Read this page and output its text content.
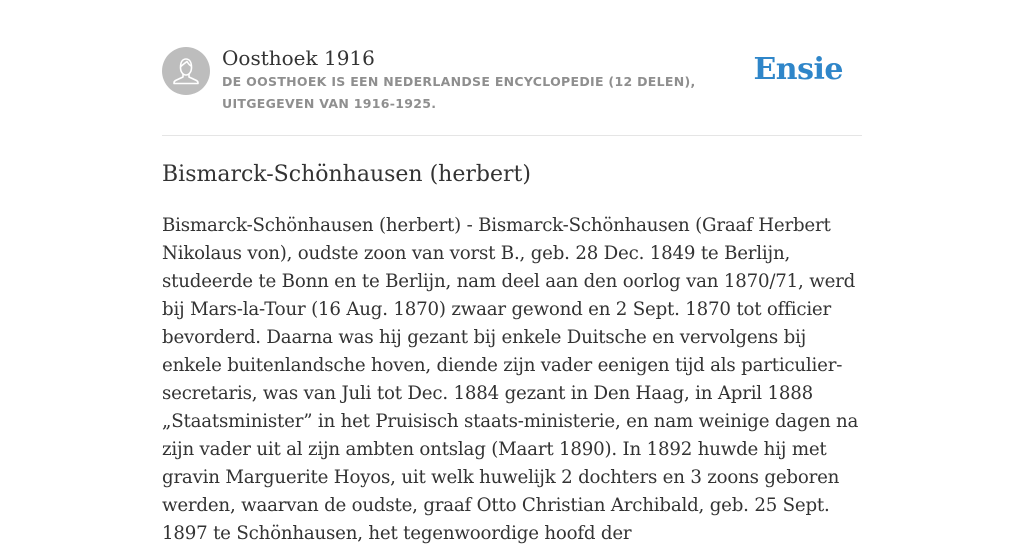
Oosthoek 1916

DE OOSTHOEK IS EEN NEDERLANDSE ENCYCLOPEDIE (12 DELEN), UITGEGEVEN VAN 1916-1925.

Ensie
Bismarck-Schönhausen (herbert)

Bismarck-Schönhausen (herbert) - Bismarck-Schönhausen (Graaf Herbert Nikolaus von), oudste zoon van vorst B., geb. 28 Dec. 1849 te Berlijn, studeerde te Bonn en te Berlijn, nam deel aan den oorlog van 1870/71, werd bij Mars-la-Tour (16 Aug. 1870) zwaar gewond en 2 Sept. 1870 tot officier bevorderd. Daarna was hij gezant bij enkele Duitsche en vervolgens bij enkele buitenlandsche hoven, diende zijn vader eenigen tijd als particulier-secretaris, was van Juli tot Dec. 1884 gezant in Den Haag, in April 1888 „Staatsminister” in het Pruisisch staats-ministerie, en nam weinige dagen na zijn vader uit al zijn ambten ontslag (Maart 1890). In 1892 huwde hij met gravin Marguerite Hoyos, uit welk huwelijk 2 dochters en 3 zoons geboren werden, waarvan de oudste, graaf Otto Christian Archibald, geb. 25 Sept. 1897 te Schönhausen, het tegenwoordige hoofd der
